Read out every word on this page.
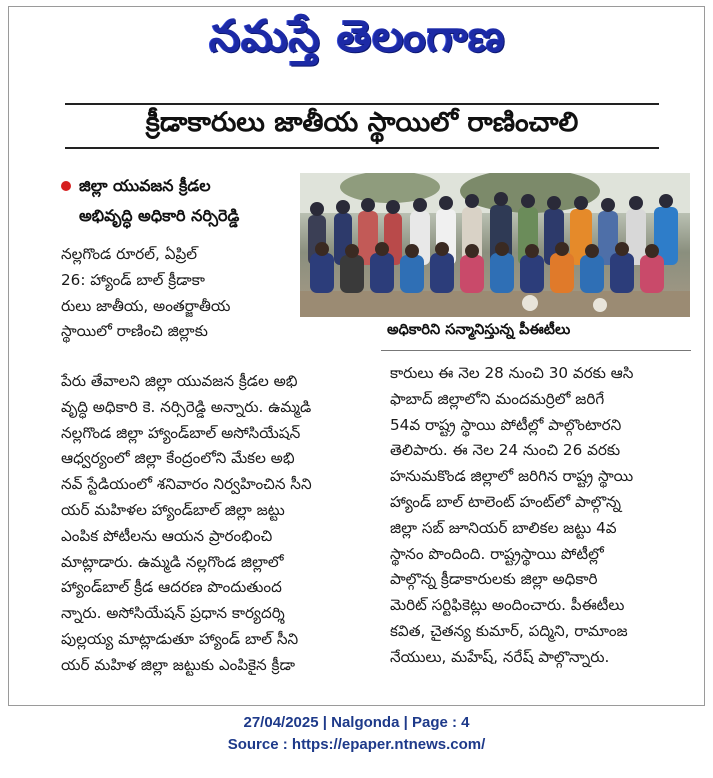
నమస్తే తెలంగాణ
క్రీడాకారులు జాతీయ స్థాయిలో రాణించాలి
జిల్లా యువజన క్రీడల
అభివృద్ధి అధికారి నర్సిరెడ్డి
అధికారిని సన్మానిస్తున్న పీఈటీలు
నల్లగొండ రూరల్, ఏప్రిల్
26: హ్యాండ్ బాల్ క్రీడాకా
రులు జాతీయ, అంతర్జాతీయ
స్థాయిలో రాణించి జిల్లాకు
పేరు తేవాలని జిల్లా యువజన క్రీడల అభి
వృద్ధి అధికారి కె. నర్సిరెడ్డి అన్నారు. ఉమ్మడి
నల్లగొండ జిల్లా హ్యాండ్‌బాల్ అసోసియేషన్
ఆధ్వర్యంలో జిల్లా కేంద్రంలోని మేకల అభి
నవ్ స్టేడియంలో శనివారం నిర్వహించిన సీని
యర్ మహిళల హ్యాండ్‌బాల్ జిల్లా జట్టు
ఎంపిక పోటీలను ఆయన ప్రారంభించి
మాట్లాడారు. ఉమ్మడి నల్లగొండ జిల్లాలో
హ్యాండ్‌బాల్ క్రీడ ఆదరణ పొందుతుంద
న్నారు. అసోసియేషన్ ప్రధాన కార్యదర్శి
పుల్లయ్య మాట్లాడుతూ హ్యాండ్ బాల్ సీని
యర్ మహిళ జిల్లా జట్టుకు ఎంపికైన క్రీడా
కారులు ఈ నెల 28 నుంచి 30 వరకు ఆసి
ఫాబాద్ జిల్లాలోని మందమర్రిలో జరిగే
54వ రాష్ట్ర స్థాయి పోటీల్లో పాల్గొంటారని
తెలిపారు. ఈ నెల 24 నుంచి 26 వరకు
హనుమకొండ జిల్లాలో జరిగిన రాష్ట్ర స్థాయి
హ్యాండ్ బాల్ టాలెంట్ హంట్‌లో పాల్గొన్న
జిల్లా సబ్ జూనియర్ బాలికల జట్టు 4వ
స్థానం పొందింది. రాష్ట్రస్థాయి పోటీల్లో
పాల్గొన్న క్రీడాకారులకు జిల్లా అధికారి
మెరిట్ సర్టిఫికెట్లు అందించారు. పీఈటీలు
కవిత, చైతన్య కుమార్, పద్మిని, రామాంజ
నేయులు, మహేష్, నరేష్ పాల్గొన్నారు.
27/04/2025 | Nalgonda | Page : 4
Source : https://epaper.ntnews.com/
